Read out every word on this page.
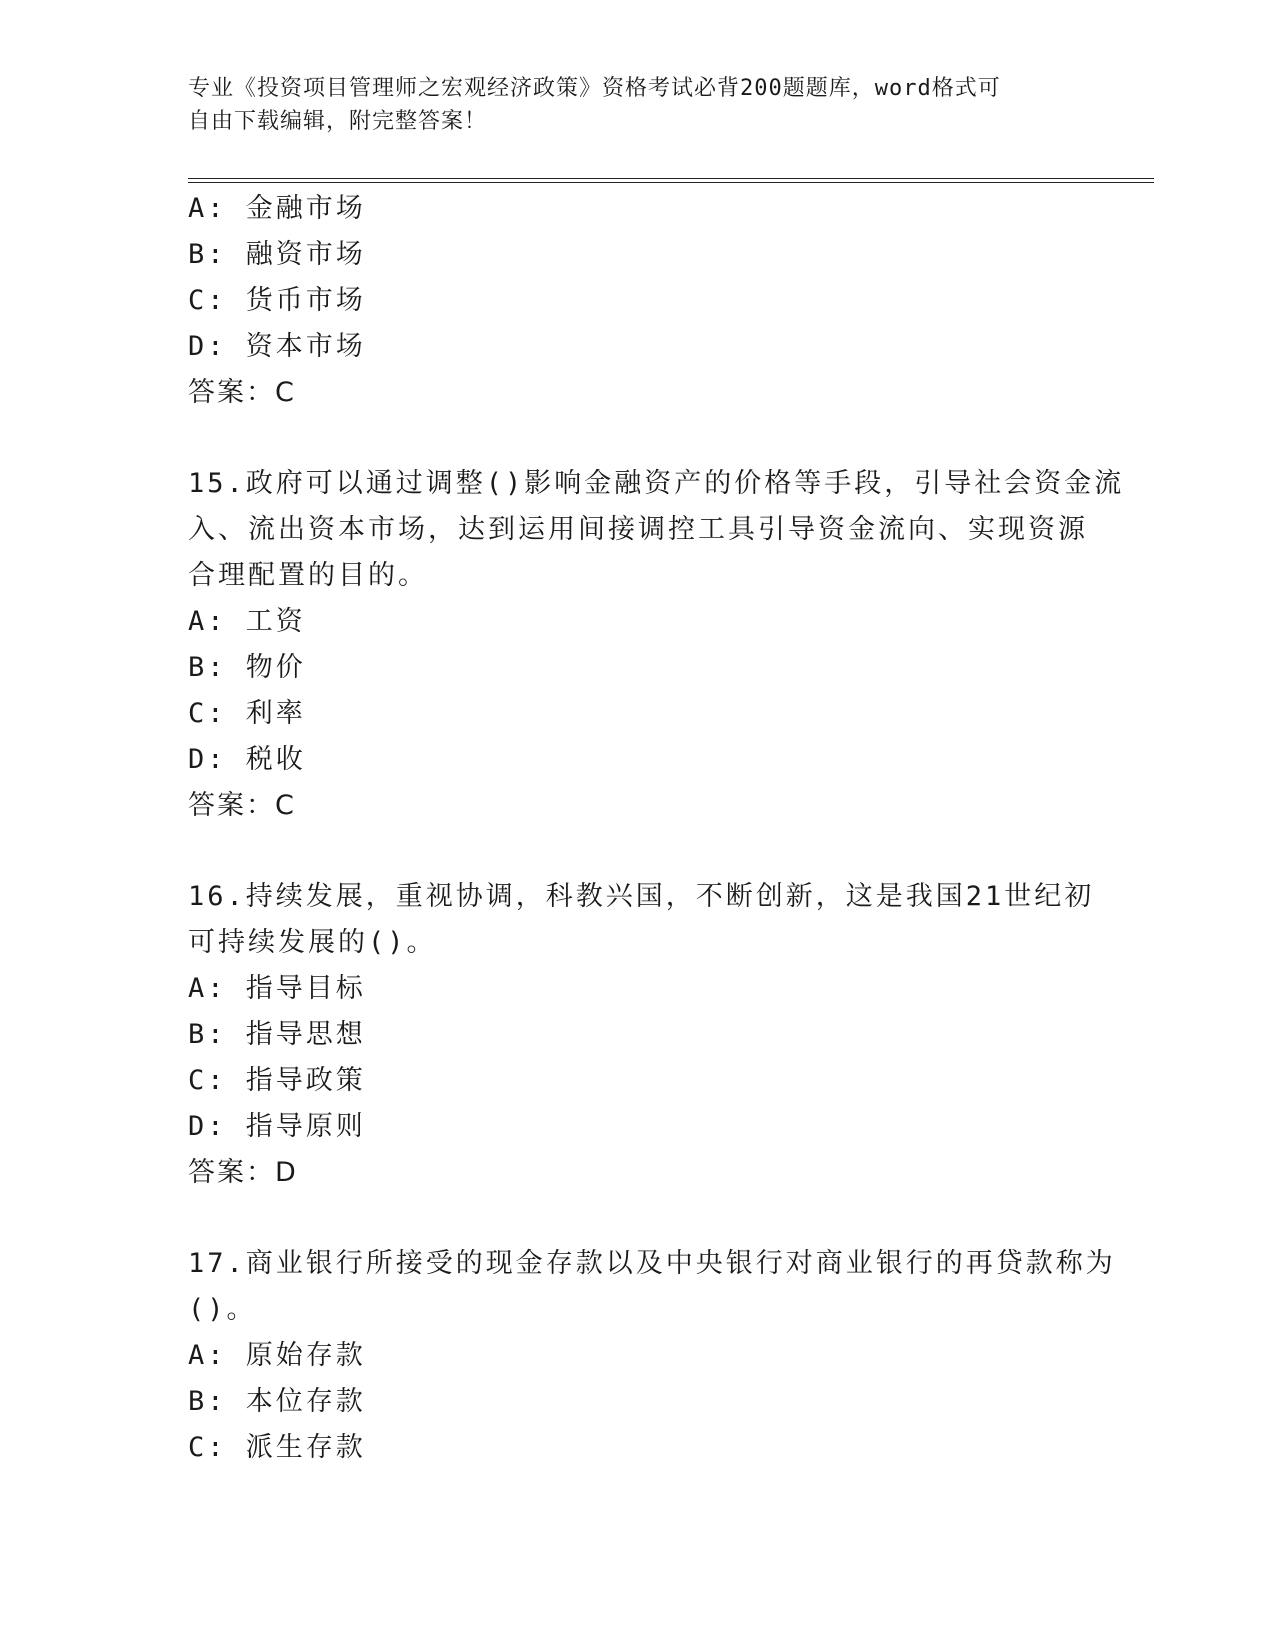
专业《投资项目管理师之宏观经济政策》资格考试必背200题题库，word格式可
自由下载编辑，附完整答案！
A: 金融市场
B: 融资市场
C: 货币市场
D: 资本市场
答案：C
15.政府可以通过调整()影响金融资产的价格等手段，引导社会资金流
入、流出资本市场，达到运用间接调控工具引导资金流向、实现资源
合理配置的目的。
A: 工资
B: 物价
C: 利率
D: 税收
答案：C
16.持续发展，重视协调，科教兴国，不断创新，这是我国21世纪初
可持续发展的()。
A: 指导目标
B: 指导思想
C: 指导政策
D: 指导原则
答案：D
17.商业银行所接受的现金存款以及中央银行对商业银行的再贷款称为
()。
A: 原始存款
B: 本位存款
C: 派生存款
